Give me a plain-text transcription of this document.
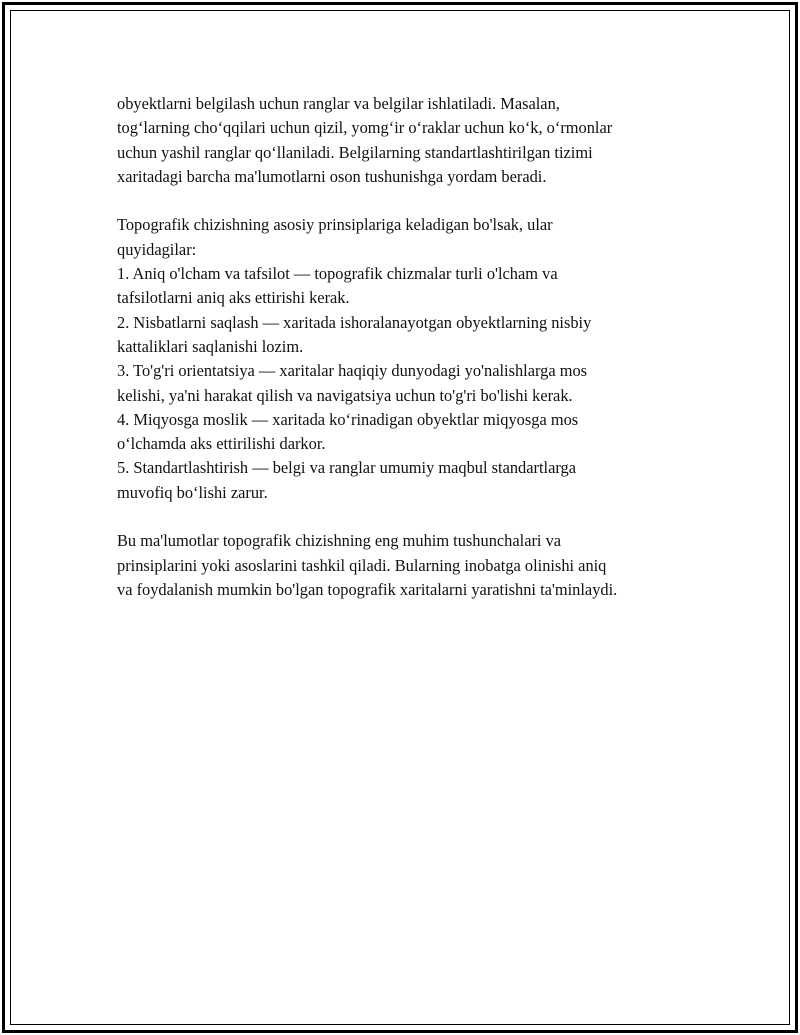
obyektlarni belgilash uchun ranglar va belgilar ishlatiladi. Masalan,
tog‘larning cho‘qqilari uchun qizil, yomg‘ir o‘raklar uchun ko‘k, o‘rmonlar
uchun yashil ranglar qo‘llaniladi. Belgilarning standartlashtirilgan tizimi
xaritadagi barcha ma'lumotlarni oson tushunishga yordam beradi.

Topografik chizishning asosiy prinsiplariga keladigan bo'lsak, ular
quyidagilar:
1. Aniq o'lcham va tafsilot — topografik chizmalar turli o'lcham va
tafsilotlarni aniq aks ettirishi kerak.
2. Nisbatlarni saqlash — xaritada ishoralanayotgan obyektlarning nisbiy
kattaliklari saqlanishi lozim.
3. To'g'ri orientatsiya — xaritalar haqiqiy dunyodagi yo'nalishlarga mos
kelishi, ya'ni harakat qilish va navigatsiya uchun to'g'ri bo'lishi kerak.
4. Miqyosga moslik — xaritada ko‘rinadigan obyektlar miqyosga mos
o‘lchamda aks ettirilishi darkor.
5. Standartlashtirish — belgi va ranglar umumiy maqbul standartlarga
muvofiq bo‘lishi zarur.

Bu ma'lumotlar topografik chizishning eng muhim tushunchalari va
prinsiplarini yoki asoslarini tashkil qiladi. Bularning inobatga olinishi aniq
va foydalanish mumkin bo'lgan topografik xaritalarni yaratishni ta'minlaydi.
